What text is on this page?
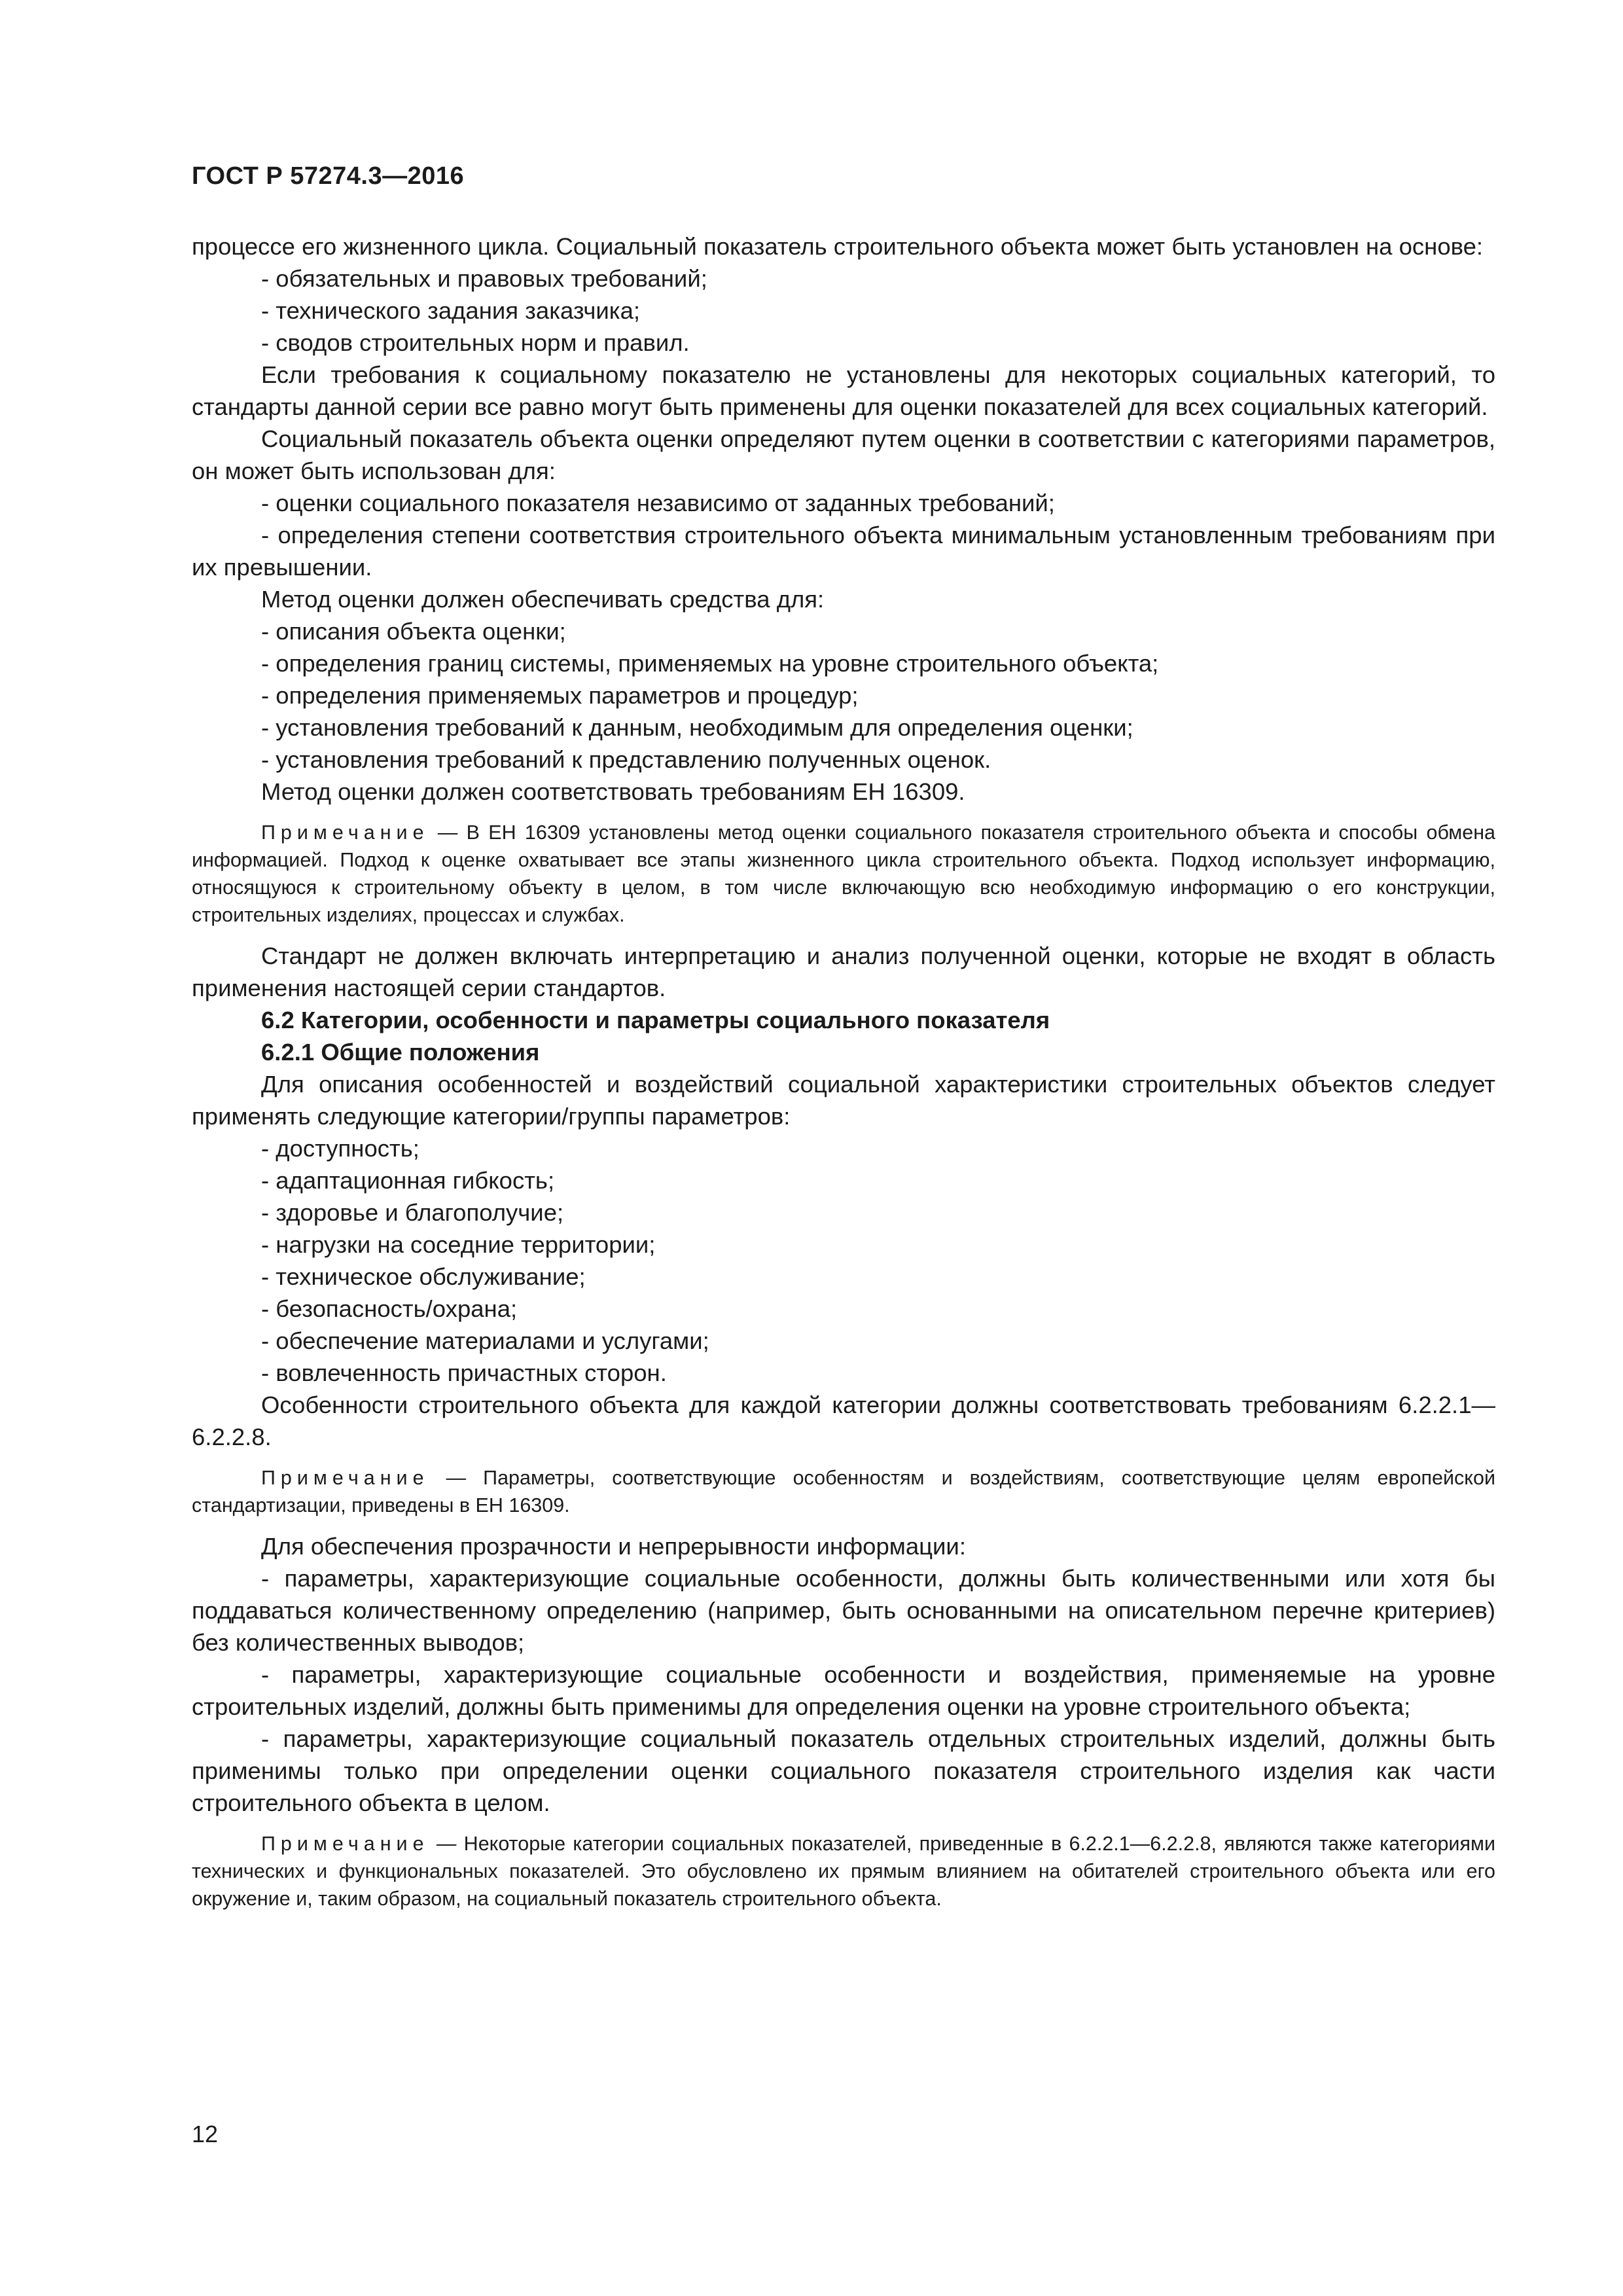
ГОСТ Р 57274.3—2016

процессе его жизненного цикла. Социальный показатель строительного объекта может быть установлен на основе:

- обязательных и правовых требований;

- технического задания заказчика;

- сводов строительных норм и правил.

Если требования к социальному показателю не установлены для некоторых социальных категорий, то стандарты данной серии все равно могут быть применены для оценки показателей для всех социальных категорий.

Социальный показатель объекта оценки определяют путем оценки в соответствии с категориями параметров, он может быть использован для:

- оценки социального показателя независимо от заданных требований;

- определения степени соответствия строительного объекта минимальным установленным требованиям при их превышении.

Метод оценки должен обеспечивать средства для:

- описания объекта оценки;

- определения границ системы, применяемых на уровне строительного объекта;

- определения применяемых параметров и процедур;

- установления требований к данным, необходимым для определения оценки;

- установления требований к представлению полученных оценок.

Метод оценки должен соответствовать требованиям ЕН 16309.

Примечание — В ЕН 16309 установлены метод оценки социального показателя строительного объекта и способы обмена информацией. Подход к оценке охватывает все этапы жизненного цикла строительного объекта. Подход использует информацию, относящуюся к строительному объекту в целом, в том числе включающую всю необходимую информацию о его конструкции, строительных изделиях, процессах и службах.

Стандарт не должен включать интерпретацию и анализ полученной оценки, которые не входят в область применения настоящей серии стандартов.

6.2 Категории, особенности и параметры социального показателя

6.2.1 Общие положения

Для описания особенностей и воздействий социальной характеристики строительных объектов следует применять следующие категории/группы параметров:

- доступность;

- адаптационная гибкость;

- здоровье и благополучие;

- нагрузки на соседние территории;

- техническое обслуживание;

- безопасность/охрана;

- обеспечение материалами и услугами;

- вовлеченность причастных сторон.

Особенности строительного объекта для каждой категории должны соответствовать требованиям 6.2.2.1—6.2.2.8.

Примечание — Параметры, соответствующие особенностям и воздействиям, соответствующие целям европейской стандартизации, приведены в ЕН 16309.

Для обеспечения прозрачности и непрерывности информации:

- параметры, характеризующие социальные особенности, должны быть количественными или хотя бы поддаваться количественному определению (например, быть основанными на описательном перечне критериев) без количественных выводов;

- параметры, характеризующие социальные особенности и воздействия, применяемые на уровне строительных изделий, должны быть применимы для определения оценки на уровне строительного объекта;

- параметры, характеризующие социальный показатель отдельных строительных изделий, должны быть применимы только при определении оценки социального показателя строительного изделия как части строительного объекта в целом.

Примечание — Некоторые категории социальных показателей, приведенные в 6.2.2.1—6.2.2.8, являются также категориями технических и функциональных показателей. Это обусловлено их прямым влиянием на обитателей строительного объекта или его окружение и, таким образом, на социальный показатель строительного объекта.

12
